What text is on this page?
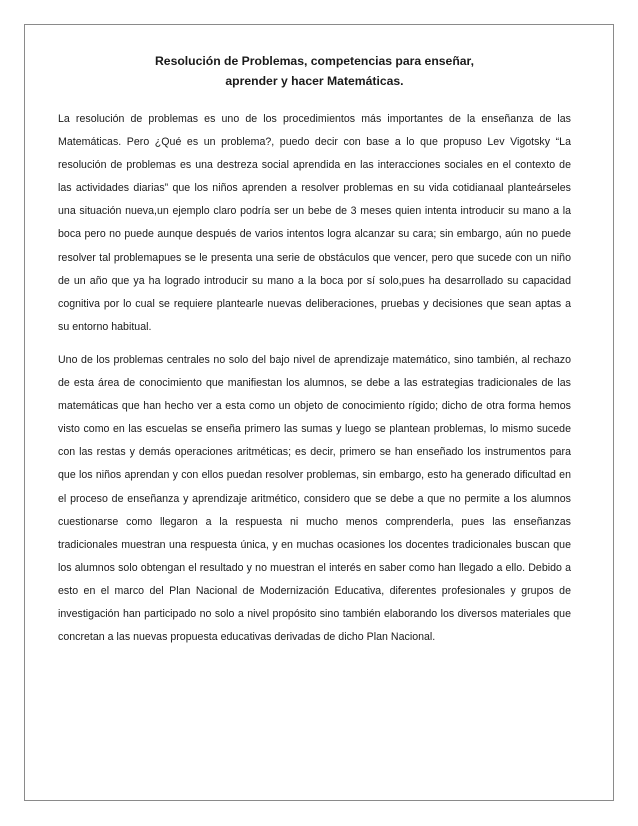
Resolución de Problemas, competencias para enseñar,
aprender y hacer Matemáticas.

La resolución de problemas es uno de los procedimientos más importantes de la enseñanza de las Matemáticas. Pero ¿Qué es un problema?, puedo decir con base a lo que propuso Lev Vigotsky “La resolución de problemas es una destreza social aprendida en las interacciones sociales en el contexto de las actividades diarias” que los niños aprenden a resolver problemas en su vida cotidianaal planteárseles una situación nueva,un ejemplo claro podría ser un bebe de 3 meses quien intenta introducir su mano a la boca pero no puede aunque después de varios intentos logra alcanzar su cara; sin embargo, aún no puede resolver tal problemapues se le presenta una serie de obstáculos que vencer, pero que sucede con un niño de un año que ya ha logrado introducir su mano a la boca por sí solo,pues ha desarrollado su capacidad cognitiva por lo cual se requiere plantearle nuevas deliberaciones, pruebas y decisiones que sean aptas a su entorno habitual.

Uno de los problemas centrales no solo del bajo nivel de aprendizaje matemático, sino también, al rechazo de esta área de conocimiento que manifiestan los alumnos, se debe a las estrategias tradicionales de las matemáticas que han hecho ver a esta como un objeto de conocimiento rígido; dicho de otra forma hemos visto como en las escuelas se enseña primero las sumas y luego se plantean problemas, lo mismo sucede con las restas y demás operaciones aritméticas; es decir, primero se han enseñado los instrumentos para que los niños aprendan y con ellos puedan resolver problemas, sin embargo, esto ha generado dificultad en el proceso de enseñanza y aprendizaje aritmético, considero que se debe a que no permite a los alumnos cuestionarse como llegaron a la respuesta ni mucho menos comprenderla, pues las enseñanzas tradicionales muestran una respuesta única, y en muchas ocasiones los docentes tradicionales buscan que los alumnos solo obtengan el resultado y no muestran el interés en saber como han llegado a ello. Debido a esto en el marco del Plan Nacional de Modernización Educativa, diferentes profesionales y grupos de investigación han participado no solo a nivel propósito sino también elaborando los diversos materiales que concretan a las nuevas propuesta educativas derivadas de dicho Plan Nacional.
